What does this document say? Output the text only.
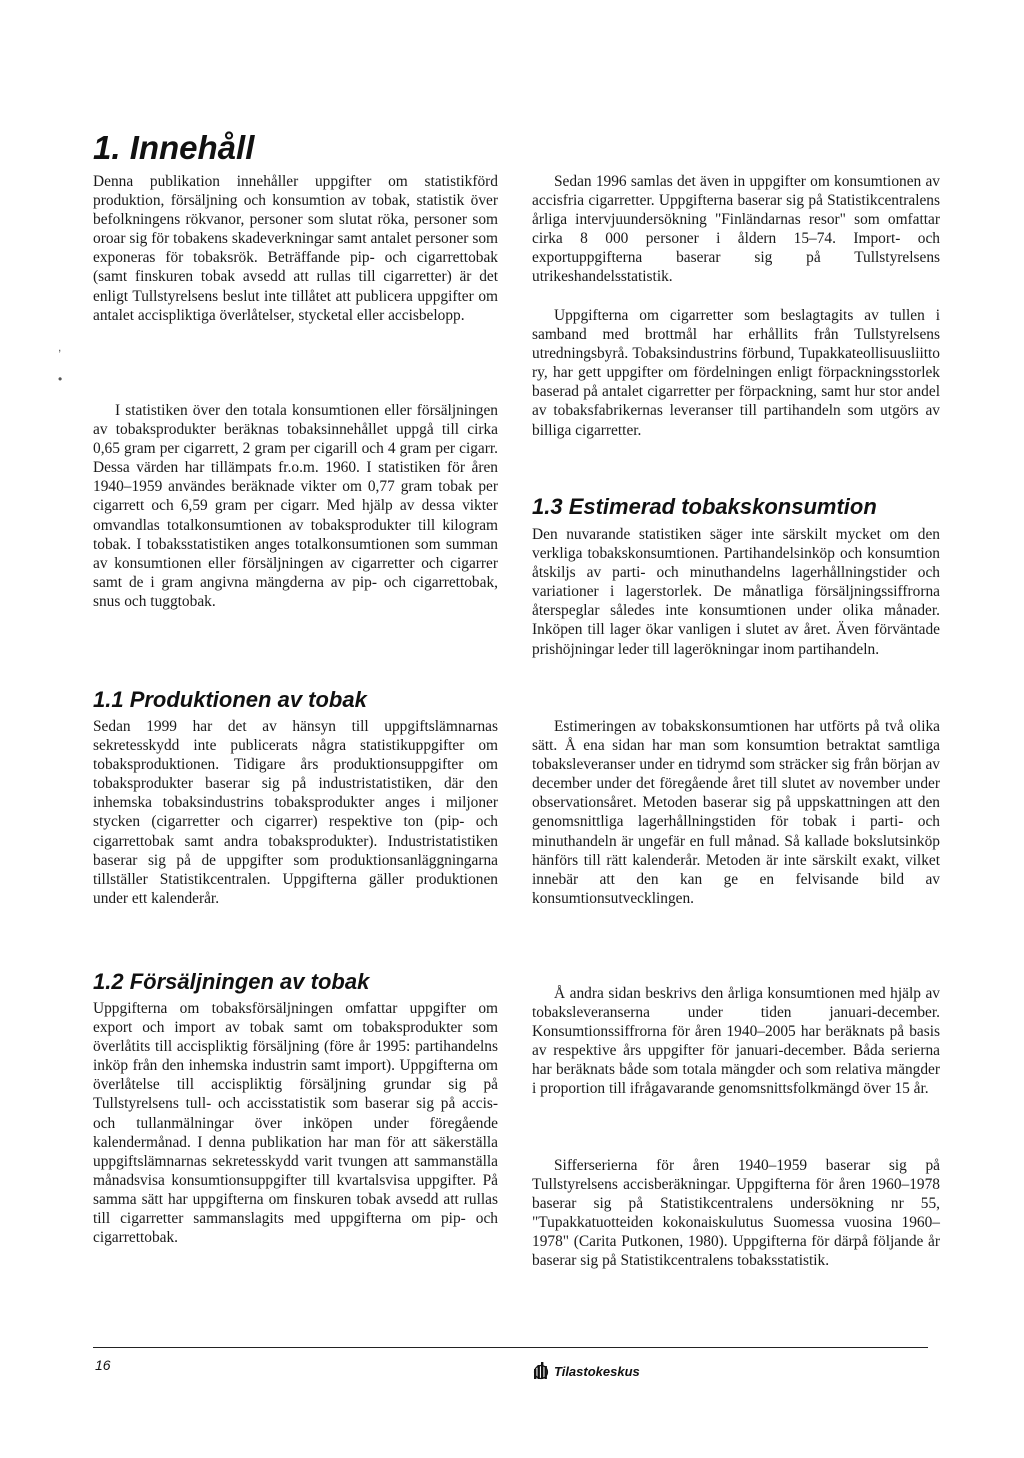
1. Innehåll

Denna publikation innehåller uppgifter om statistikförd produktion, försäljning och konsumtion av tobak, statistik över befolkningens rökvanor, personer som slutat röka, personer som oroar sig för tobakens skadeverkningar samt antalet personer som exponeras för tobaksrök. Beträffande pip- och cigarrettobak (samt finskuren tobak avsedd att rullas till cigarretter) är det enligt Tullstyrelsens beslut inte tillåtet att publicera uppgifter om antalet accispliktiga överlåtelser, stycketal eller accisbelopp.

I statistiken över den totala konsumtionen eller försäljningen av tobaksprodukter beräknas tobaksinnehållet uppgå till cirka 0,65 gram per cigarrett, 2 gram per cigarill och 4 gram per cigarr. Dessa värden har tillämpats fr.o.m. 1960. I statistiken för åren 1940–1959 användes beräknade vikter om 0,77 gram tobak per cigarrett och 6,59 gram per cigarr. Med hjälp av dessa vikter omvandlas totalkonsumtionen av tobaksprodukter till kilogram tobak. I tobaksstatistiken anges totalkonsumtionen som summan av konsumtionen eller försäljningen av cigarretter och cigarrer samt de i gram angivna mängderna av pip- och cigarrettobak, snus och tuggtobak.

1.1 Produktionen av tobak

Sedan 1999 har det av hänsyn till uppgiftslämnarnas sekretesskydd inte publicerats några statistikuppgifter om tobaksproduktionen. Tidigare års produktionsuppgifter om tobaksprodukter baserar sig på industristatistiken, där den inhemska tobaksindustrins tobaksprodukter anges i miljoner stycken (cigarretter och cigarrer) respektive ton (pip- och cigarrettobak samt andra tobaksprodukter). Industristatistiken baserar sig på de uppgifter som produktionsanläggningarna tillställer Statistikcentralen. Uppgifterna gäller produktionen under ett kalenderår.

1.2 Försäljningen av tobak

Uppgifterna om tobaksförsäljningen omfattar uppgifter om export och import av tobak samt om tobaksprodukter som överlåtits till accispliktig försäljning (före år 1995: partihandelns inköp från den inhemska industrin samt import). Uppgifterna om överlåtelse till accispliktig försäljning grundar sig på Tullstyrelsens tull- och accisstatistik som baserar sig på accis- och tullanmälningar över inköpen under föregående kalendermånad. I denna publikation har man för att säkerställa uppgiftslämnarnas sekretesskydd varit tvungen att sammanställa månadsvisa konsumtionsuppgifter till kvartalsvisa uppgifter. På samma sätt har uppgifterna om finskuren tobak avsedd att rullas till cigarretter sammanslagits med uppgifterna om pip- och cigarrettobak.

Sedan 1996 samlas det även in uppgifter om konsumtionen av accisfria cigarretter. Uppgifterna baserar sig på Statistikcentralens årliga intervjuundersökning "Finländarnas resor" som omfattar cirka 8 000 personer i åldern 15–74. Import- och exportuppgifterna baserar sig på Tullstyrelsens utrikeshandelsstatistik.

Uppgifterna om cigarretter som beslagtagits av tullen i samband med brottmål har erhållits från Tullstyrelsens utredningsbyrå. Tobaksindustrins förbund, Tupakkateollisuusliitto ry, har gett uppgifter om fördelningen enligt förpackningsstorlek baserad på antalet cigarretter per förpackning, samt hur stor andel av tobaksfabrikernas leveranser till partihandeln som utgörs av billiga cigarretter.

1.3 Estimerad tobakskonsumtion

Den nuvarande statistiken säger inte särskilt mycket om den verkliga tobakskonsumtionen. Partihandelsinköp och konsumtion åtskiljs av parti- och minuthandelns lagerhållningstider och variationer i lagerstorlek. De månatliga försäljningssiffrorna återspeglar således inte konsumtionen under olika månader. Inköpen till lager ökar vanligen i slutet av året. Även förväntade prishöjningar leder till lagerökningar inom partihandeln.

Estimeringen av tobakskonsumtionen har utförts på två olika sätt. Å ena sidan har man som konsumtion betraktat samtliga tobaksleveranser under en tidrymd som sträcker sig från början av december under det föregående året till slutet av november under observationsåret. Metoden baserar sig på uppskattningen att den genomsnittliga lagerhållningstiden för tobak i parti- och minuthandeln är ungefär en full månad. Så kallade bokslutsinköp hänförs till rätt kalenderår. Metoden är inte särskilt exakt, vilket innebär att den kan ge en felvisande bild av konsumtionsutvecklingen.

Å andra sidan beskrivs den årliga konsumtionen med hjälp av tobaksleveranserna under tiden januari-december. Konsumtionssiffrorna för åren 1940–2005 har beräknats på basis av respektive års uppgifter för januari-december. Båda serierna har beräknats både som totala mängder och som relativa mängder i proportion till ifrågavarande genomsnittsfolkmängd över 15 år.

Sifferserierna för åren 1940–1959 baserar sig på Tullstyrelsens accisberäkningar. Uppgifterna för åren 1960–1978 baserar sig på Statistikcentralens undersökning nr 55, "Tupakkatuotteiden kokonaiskulutus Suomessa vuosina 1960–1978" (Carita Putkonen, 1980). Uppgifterna för därpå följande år baserar sig på Statistikcentralens tobaksstatistik.

,
•
16	Tilastokeskus
